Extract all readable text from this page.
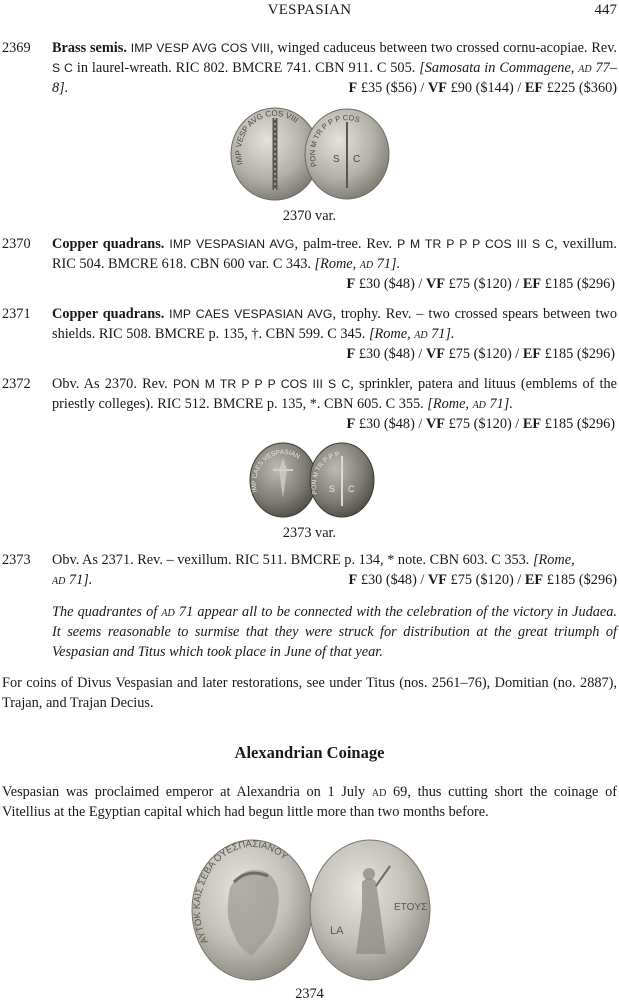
VESPASIAN	447
2369 Brass semis. IMP VESP AVG COS VIII, winged caduceus between two crossed cornu-acopiae. Rev. S C in laurel-wreath. RIC 802. BMCRE 741. CBN 911. C 505. [Samosata in Commagene, ad 77–8].	F £35 ($56) / VF £90 ($144) / EF £225 ($360)
IMP VESP AVG COS VIII
S C
PON M TR P P P COS
2370 var.
2370 Copper quadrans. IMP VESPASIAN AVG, palm-tree. Rev. P M TR P P P COS III S C, vexillum. RIC 504. BMCRE 618. CBN 600 var. C 343. [Rome, ad 71].
F £30 ($48) / VF £75 ($120) / EF £185 ($296)
2371 Copper quadrans. IMP CAES VESPASIAN AVG, trophy. Rev. – two crossed spears between two shields. RIC 508. BMCRE p. 135, †. CBN 599. C 345. [Rome, ad 71].
F £30 ($48) / VF £75 ($120) / EF £185 ($296)
2372 Obv. As 2370. Rev. PON M TR P P P COS III S C, sprinkler, patera and lituus (emblems of the priestly colleges). RIC 512. BMCRE p. 135, *. CBN 605. C 355. [Rome, ad 71].
F £30 ($48) / VF £75 ($120) / EF £185 ($296)
IMP CAES VESPASIAN
S C
PON M TR P P P
2373 var.
2373 Obv. As 2371. Rev. – vexillum. RIC 511. BMCRE p. 134, * note. CBN 603. C 353. [Rome,
ad 71].	F £30 ($48) / VF £75 ($120) / EF £185 ($296)
The quadrantes of ad 71 appear all to be connected with the celebration of the victory in Judaea. It seems reasonable to surmise that they were struck for distribution at the great triumph of Vespasian and Titus which took place in June of that year.
For coins of Divus Vespasian and later restorations, see under Titus (nos. 2561–76), Domitian (no. 2887), Trajan, and Trajan Decius.
Alexandrian Coinage
Vespasian was proclaimed emperor at Alexandria on 1 July ad 69, thus cutting short the coinage of Vitellius at the Egyptian capital which had begun little more than two months before.
AYTOK KAIΣ ΣEBA OYEΣΠAΣIANOY
LA
ETOYΣ
2374
